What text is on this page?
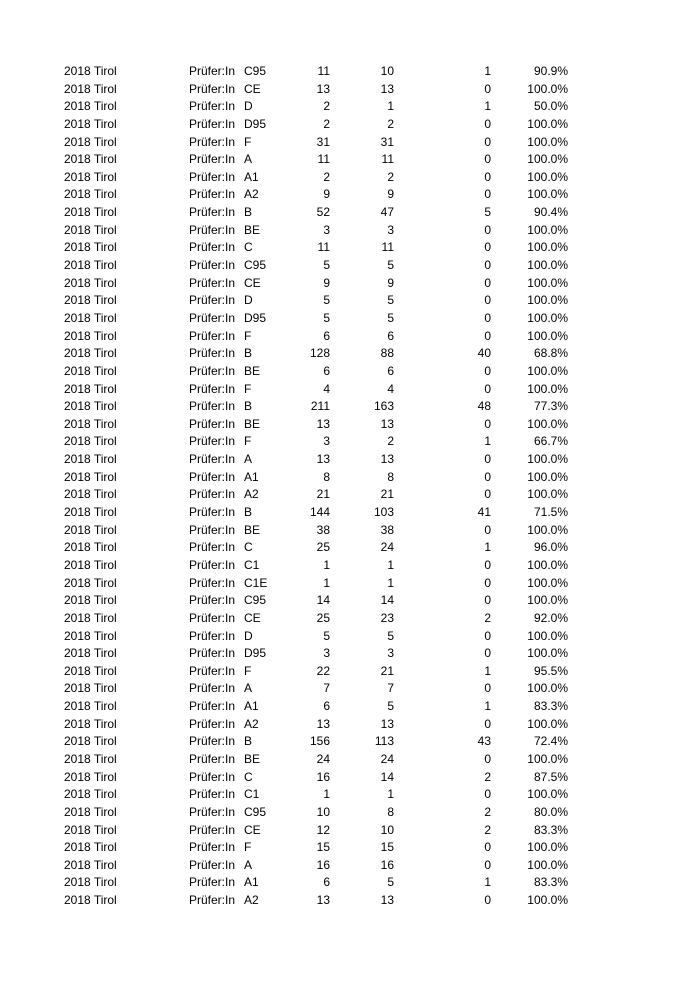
2018 Tirol	Prüfer:In C95	11	10	1	90.9%
2018 Tirol	Prüfer:In CE	13	13	0	100.0%
2018 Tirol	Prüfer:In D	2	1	1	50.0%
2018 Tirol	Prüfer:In D95	2	2	0	100.0%
2018 Tirol	Prüfer:In F	31	31	0	100.0%
2018 Tirol	Prüfer:In A	11	11	0	100.0%
2018 Tirol	Prüfer:In A1	2	2	0	100.0%
2018 Tirol	Prüfer:In A2	9	9	0	100.0%
2018 Tirol	Prüfer:In B	52	47	5	90.4%
2018 Tirol	Prüfer:In BE	3	3	0	100.0%
2018 Tirol	Prüfer:In C	11	11	0	100.0%
2018 Tirol	Prüfer:In C95	5	5	0	100.0%
2018 Tirol	Prüfer:In CE	9	9	0	100.0%
2018 Tirol	Prüfer:In D	5	5	0	100.0%
2018 Tirol	Prüfer:In D95	5	5	0	100.0%
2018 Tirol	Prüfer:In F	6	6	0	100.0%
2018 Tirol	Prüfer:In B	128	88	40	68.8%
2018 Tirol	Prüfer:In BE	6	6	0	100.0%
2018 Tirol	Prüfer:In F	4	4	0	100.0%
2018 Tirol	Prüfer:In B	211	163	48	77.3%
2018 Tirol	Prüfer:In BE	13	13	0	100.0%
2018 Tirol	Prüfer:In F	3	2	1	66.7%
2018 Tirol	Prüfer:In A	13	13	0	100.0%
2018 Tirol	Prüfer:In A1	8	8	0	100.0%
2018 Tirol	Prüfer:In A2	21	21	0	100.0%
2018 Tirol	Prüfer:In B	144	103	41	71.5%
2018 Tirol	Prüfer:In BE	38	38	0	100.0%
2018 Tirol	Prüfer:In C	25	24	1	96.0%
2018 Tirol	Prüfer:In C1	1	1	0	100.0%
2018 Tirol	Prüfer:In C1E	1	1	0	100.0%
2018 Tirol	Prüfer:In C95	14	14	0	100.0%
2018 Tirol	Prüfer:In CE	25	23	2	92.0%
2018 Tirol	Prüfer:In D	5	5	0	100.0%
2018 Tirol	Prüfer:In D95	3	3	0	100.0%
2018 Tirol	Prüfer:In F	22	21	1	95.5%
2018 Tirol	Prüfer:In A	7	7	0	100.0%
2018 Tirol	Prüfer:In A1	6	5	1	83.3%
2018 Tirol	Prüfer:In A2	13	13	0	100.0%
2018 Tirol	Prüfer:In B	156	113	43	72.4%
2018 Tirol	Prüfer:In BE	24	24	0	100.0%
2018 Tirol	Prüfer:In C	16	14	2	87.5%
2018 Tirol	Prüfer:In C1	1	1	0	100.0%
2018 Tirol	Prüfer:In C95	10	8	2	80.0%
2018 Tirol	Prüfer:In CE	12	10	2	83.3%
2018 Tirol	Prüfer:In F	15	15	0	100.0%
2018 Tirol	Prüfer:In A	16	16	0	100.0%
2018 Tirol	Prüfer:In A1	6	5	1	83.3%
2018 Tirol	Prüfer:In A2	13	13	0	100.0%
